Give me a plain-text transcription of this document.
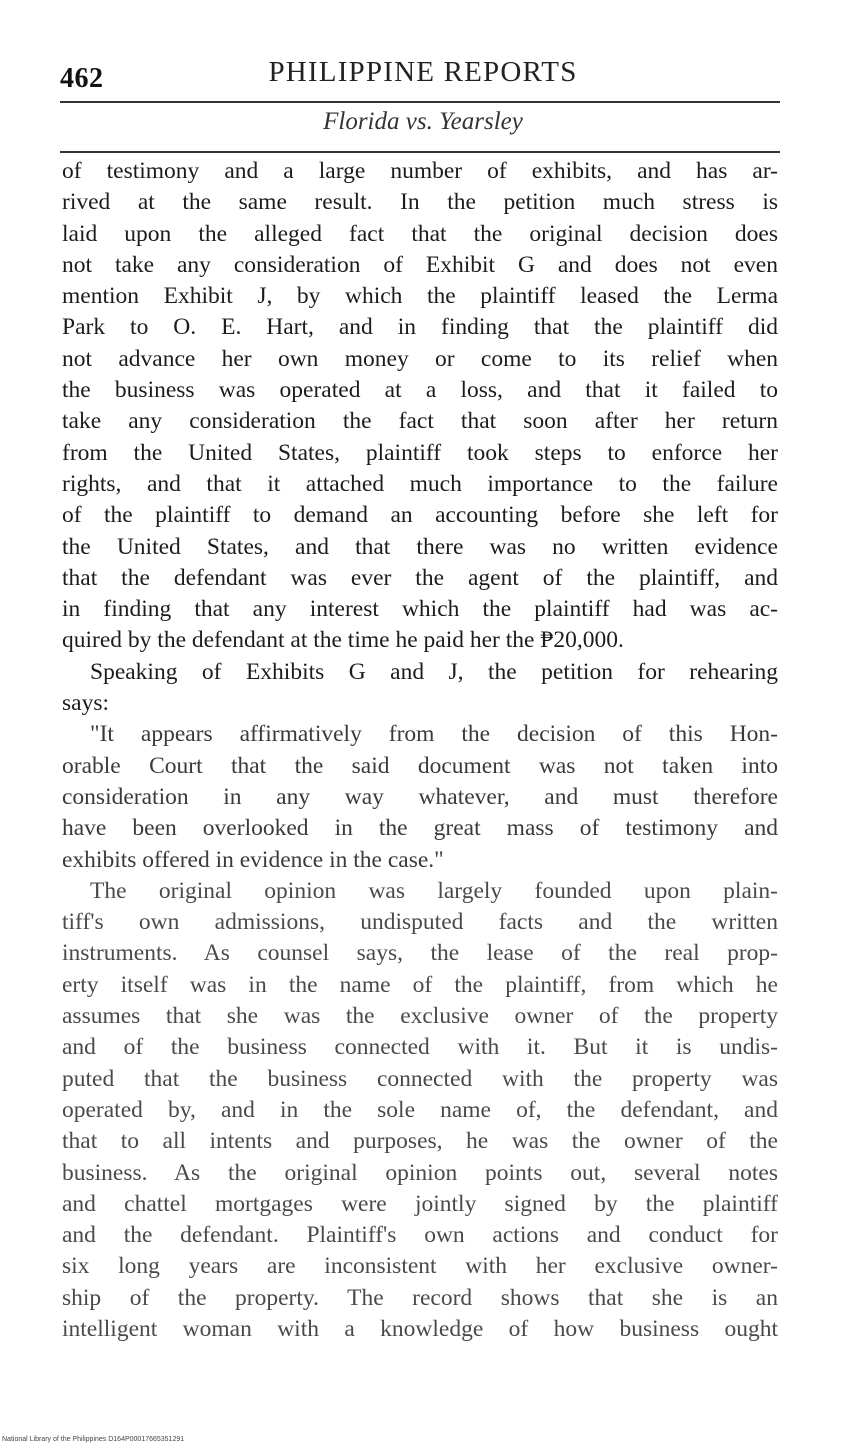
462	PHILIPPINE REPORTS
Florida vs. Yearsley
of testimony and a large number of exhibits, and has ar-
rived at the same result. In the petition much stress is
laid upon the alleged fact that the original decision does
not take any consideration of Exhibit G and does not even
mention Exhibit J, by which the plaintiff leased the Lerma
Park to O. E. Hart, and in finding that the plaintiff did
not advance her own money or come to its relief when
the business was operated at a loss, and that it failed to
take any consideration the fact that soon after her return
from the United States, plaintiff took steps to enforce her
rights, and that it attached much importance to the failure
of the plaintiff to demand an accounting before she left for
the United States, and that there was no written evidence
that the defendant was ever the agent of the plaintiff, and
in finding that any interest which the plaintiff had was ac-
quired by the defendant at the time he paid her the ₱20,000.
Speaking of Exhibits G and J, the petition for rehearing
says:
"It appears affirmatively from the decision of this Hon-
orable Court that the said document was not taken into
consideration in any way whatever, and must therefore
have been overlooked in the great mass of testimony and
exhibits offered in evidence in the case."
The original opinion was largely founded upon plain-
tiff's own admissions, undisputed facts and the written
instruments. As counsel says, the lease of the real prop-
erty itself was in the name of the plaintiff, from which he
assumes that she was the exclusive owner of the property
and of the business connected with it. But it is undis-
puted that the business connected with the property was
operated by, and in the sole name of, the defendant, and
that to all intents and purposes, he was the owner of the
business. As the original opinion points out, several notes
and chattel mortgages were jointly signed by the plaintiff
and the defendant. Plaintiff's own actions and conduct for
six long years are inconsistent with her exclusive owner-
ship of the property. The record shows that she is an
intelligent woman with a knowledge of how business ought
National Library of the Philippines D164P00017665351291
